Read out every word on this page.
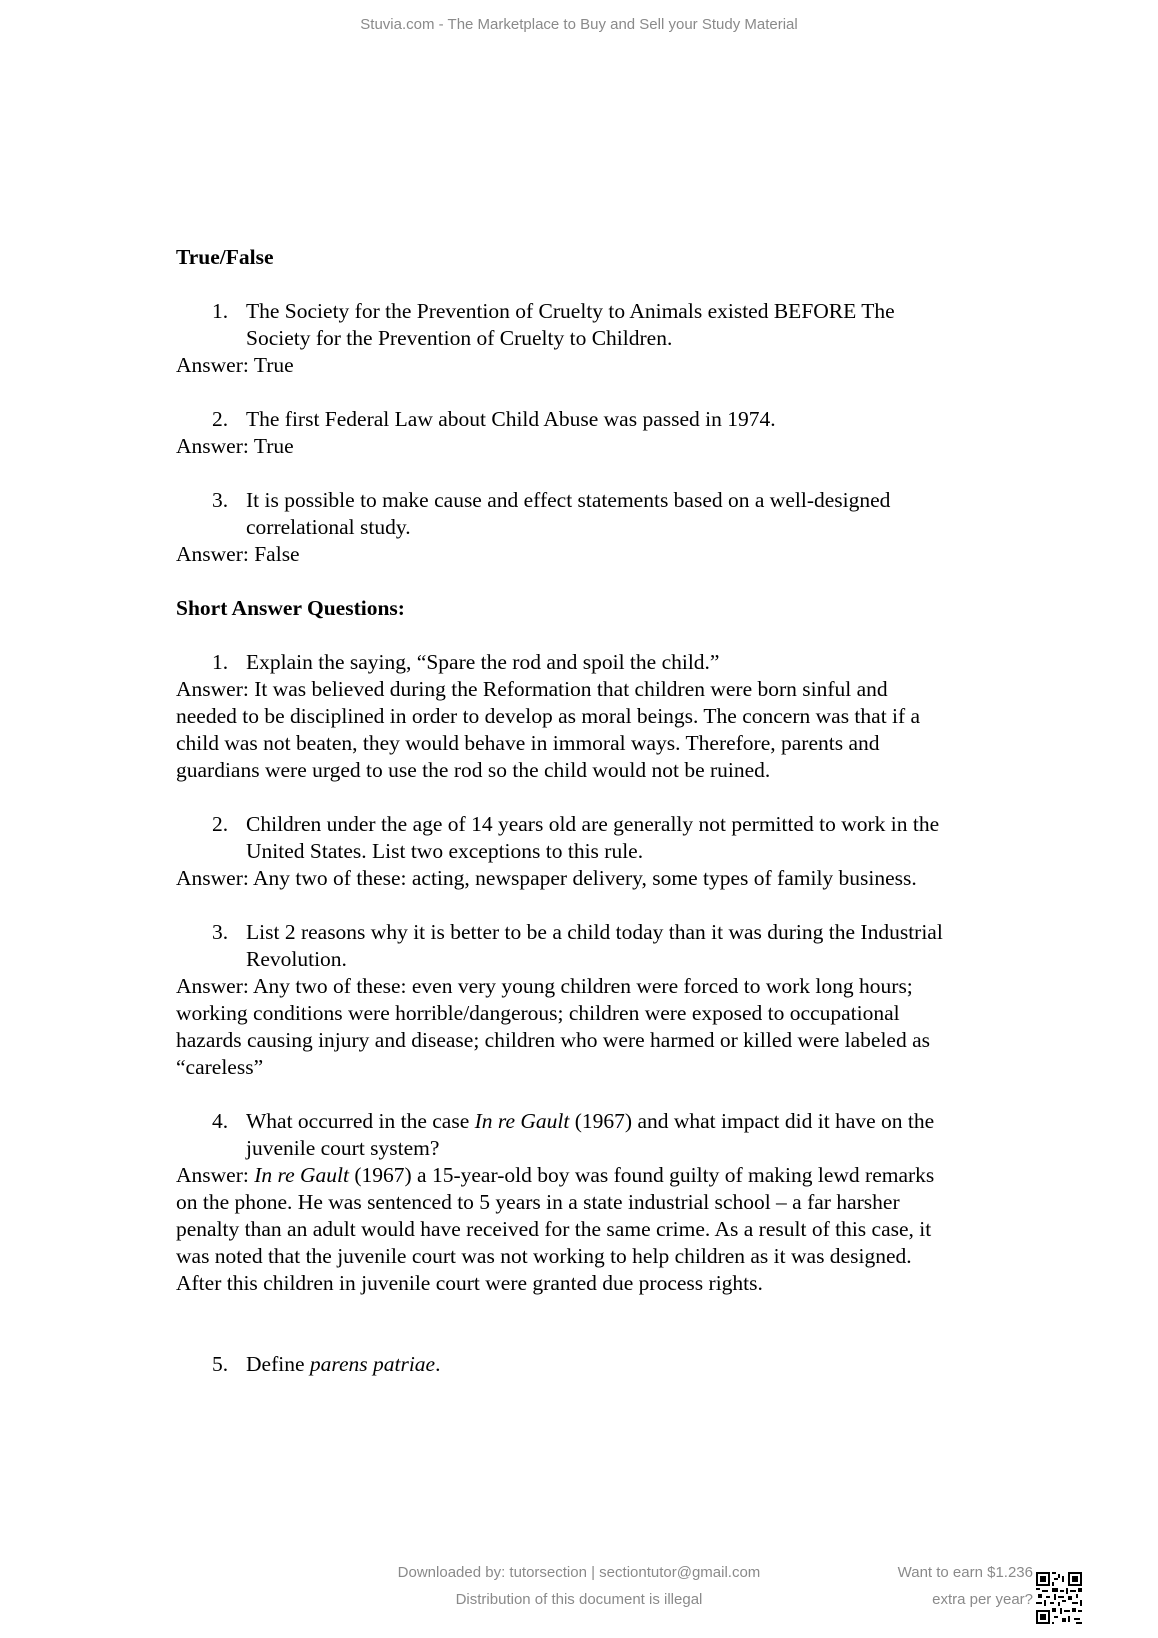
Stuvia.com - The Marketplace to Buy and Sell your Study Material

True/False

1. The Society for the Prevention of Cruelty to Animals existed BEFORE The
Society for the Prevention of Cruelty to Children.

Answer: True

2. The first Federal Law about Child Abuse was passed in 1974.

Answer: True

3. It is possible to make cause and effect statements based on a well-designed
correlational study.

Answer: False

Short Answer Questions:

1. Explain the saying, “Spare the rod and spoil the child.”
Answer: It was believed during the Reformation that children were born sinful and
needed to be disciplined in order to develop as moral beings. The concern was that if a
child was not beaten, they would behave in immoral ways. Therefore, parents and
guardians were urged to use the rod so the child would not be ruined.
2. Children under the age of 14 years old are generally not permitted to work in the
United States. List two exceptions to this rule.
Answer: Any two of these: acting, newspaper delivery, some types of family business.
3. List 2 reasons why it is better to be a child today than it was during the Industrial
Revolution.
Answer: Any two of these: even very young children were forced to work long hours;
working conditions were horrible/dangerous; children were exposed to occupational
hazards causing injury and disease; children who were harmed or killed were labeled as
“careless”
4. What occurred in the case In re Gault (1967) and what impact did it have on the
juvenile court system?
Answer: In re Gault (1967) a 15-year-old boy was found guilty of making lewd remarks
on the phone. He was sentenced to 5 years in a state industrial school – a far harsher
penalty than an adult would have received for the same crime. As a result of this case, it
was noted that the juvenile court was not working to help children as it was designed.
After this children in juvenile court were granted due process rights.
5. Define parens patriae.
Downloaded by: tutorsection | sectiontutor@gmail.com
Distribution of this document is illegal
Want to earn $1.236
extra per year?
